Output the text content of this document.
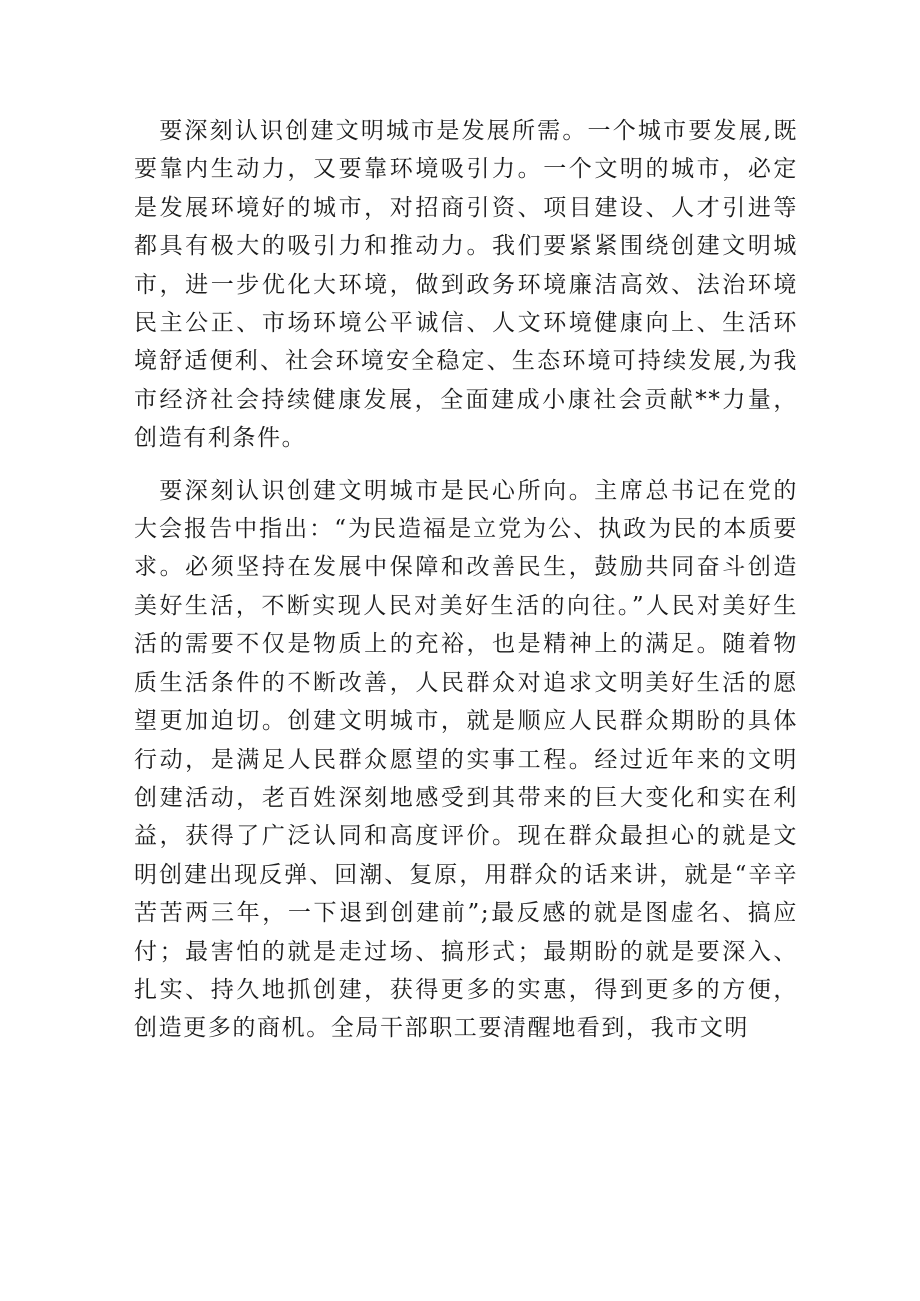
要深刻认识创建文明城市是发展所需。一个城市要发展,既要靠内生动力，又要靠环境吸引力。一个文明的城市，必定是发展环境好的城市，对招商引资、项目建设、人才引进等都具有极大的吸引力和推动力。我们要紧紧围绕创建文明城市，进一步优化大环境，做到政务环境廉洁高效、法治环境民主公正、市场环境公平诚信、人文环境健康向上、生活环境舒适便利、社会环境安全稳定、生态环境可持续发展,为我市经济社会持续健康发展，全面建成小康社会贡献**力量，创造有利条件。

要深刻认识创建文明城市是民心所向。主席总书记在党的大会报告中指出：“为民造福是立党为公、执政为民的本质要求。必须坚持在发展中保障和改善民生，鼓励共同奋斗创造美好生活，不断实现人民对美好生活的向往。”人民对美好生活的需要不仅是物质上的充裕，也是精神上的满足。随着物质生活条件的不断改善，人民群众对追求文明美好生活的愿望更加迫切。创建文明城市，就是顺应人民群众期盼的具体行动，是满足人民群众愿望的实事工程。经过近年来的文明创建活动，老百姓深刻地感受到其带来的巨大变化和实在利益，获得了广泛认同和高度评价。现在群众最担心的就是文明创建出现反弹、回潮、复原，用群众的话来讲，就是“辛辛苦苦两三年，一下退到创建前”;最反感的就是图虚名、搞应付；最害怕的就是走过场、搞形式；最期盼的就是要深入、扎实、持久地抓创建，获得更多的实惠，得到更多的方便，创造更多的商机。全局干部职工要清醒地看到，我市文明
